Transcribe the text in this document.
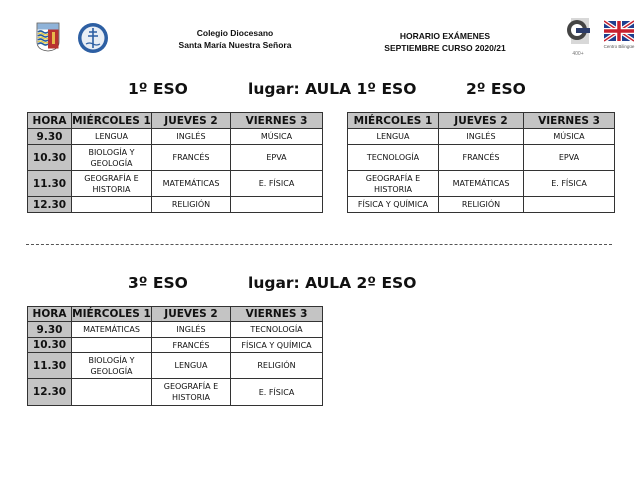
Colegio Diocesano
Santa María Nuestra Señora
HORARIO EXÁMENES
SEPTIEMBRE CURSO 2020/21
400+
Centro Bilingüe
1º ESO	lugar: AULA 1º ESO	2º ESO
HORA	MIÉRCOLES 1	JUEVES 2	VIERNES 3
9.30	LENGUA	INGLÉS	MÚSICA
10.30	BIOLOGÍA Y GEOLOGÍA	FRANCÉS	EPVA
11.30	GEOGRAFÍA E HISTORIA	MATEMÁTICAS	E. FÍSICA
12.30		RELIGIÓN	
MIÉRCOLES 1	JUEVES 2	VIERNES 3
LENGUA	INGLÉS	MÚSICA
TECNOLOGÍA	FRANCÉS	EPVA
GEOGRAFÍA E HISTORIA	MATEMÁTICAS	E. FÍSICA
FÍSICA Y QUÍMICA	RELIGIÓN	
3º ESO	lugar: AULA 2º ESO
HORA	MIÉRCOLES 1	JUEVES 2	VIERNES 3
9.30	MATEMÁTICAS	INGLÉS	TECNOLOGÍA
10.30		FRANCÉS	FÍSICA Y QUÍMICA
11.30	BIOLOGÍA Y GEOLOGÍA	LENGUA	RELIGIÓN
12.30		GEOGRAFÍA E HISTORIA	E. FÍSICA
